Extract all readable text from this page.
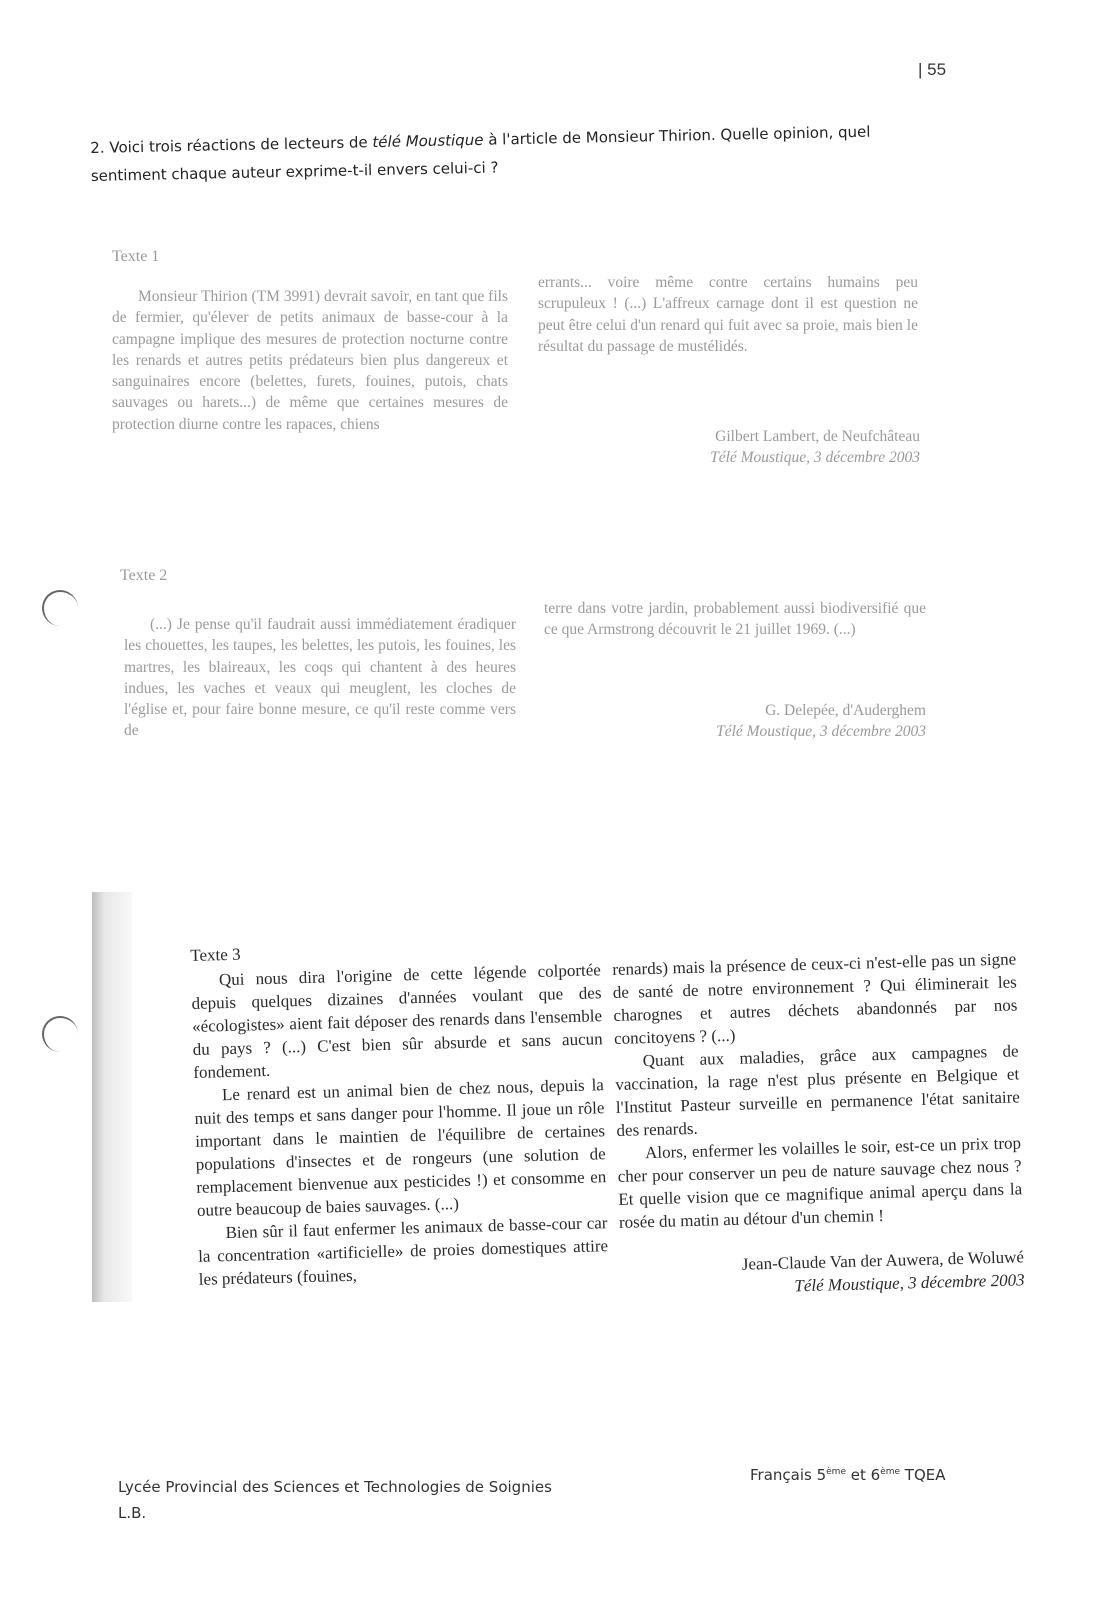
| 55
2. Voici trois réactions de lecteurs de télé Moustique à l'article de Monsieur Thirion. Quelle opinion, quel sentiment chaque auteur exprime-t-il envers celui-ci ?
Texte 1

Monsieur Thirion (TM 3991) devrait savoir, en tant que fils de fermier, qu'élever de petits animaux de basse-cour à la campagne implique des mesures de protection nocturne contre les renards et autres petits prédateurs bien plus dangereux et sanguinaires encore (belettes, furets, fouines, putois, chats sauvages ou harets...) de même que certaines mesures de protection diurne contre les rapaces, chiens

errants... voire même contre certains humains peu scrupuleux ! (...) L'affreux carnage dont il est question ne peut être celui d'un renard qui fuit avec sa proie, mais bien le résultat du passage de mustélidés.

Gilbert Lambert, de Neufchâteau
Télé Moustique, 3 décembre 2003
Texte 2

(...) Je pense qu'il faudrait aussi immédiatement éradiquer les chouettes, les taupes, les belettes, les putois, les fouines, les martres, les blaireaux, les coqs qui chantent à des heures indues, les vaches et veaux qui meuglent, les cloches de l'église et, pour faire bonne mesure, ce qu'il reste comme vers de

terre dans votre jardin, probablement aussi biodiversifié que ce que Armstrong découvrit le 21 juillet 1969. (...)

G. Delepée, d'Auderghem
Télé Moustique, 3 décembre 2003
Texte 3

Qui nous dira l'origine de cette légende colportée depuis quelques dizaines d'années voulant que des «écologistes» aient fait déposer des renards dans l'ensemble du pays ? (...) C'est bien sûr absurde et sans aucun fondement.

Le renard est un animal bien de chez nous, depuis la nuit des temps et sans danger pour l'homme. Il joue un rôle important dans le maintien de l'équilibre de certaines populations d'insectes et de rongeurs (une solution de remplacement bienvenue aux pesticides !) et consomme en outre beaucoup de baies sauvages. (...)

Bien sûr il faut enfermer les animaux de basse-cour car la concentration «artificielle» de proies domestiques attire les prédateurs (fouines,

renards) mais la présence de ceux-ci n'est-elle pas un signe de santé de notre environnement ? Qui éliminerait les charognes et autres déchets abandonnés par nos concitoyens ? (...)

Quant aux maladies, grâce aux campagnes de vaccination, la rage n'est plus présente en Belgique et l'Institut Pasteur surveille en permanence l'état sanitaire des renards.

Alors, enfermer les volailles le soir, est-ce un prix trop cher pour conserver un peu de nature sauvage chez nous ? Et quelle vision que ce magnifique animal aperçu dans la rosée du matin au détour d'un chemin !

Jean-Claude Van der Auwera, de Woluwé
Télé Moustique, 3 décembre 2003
Lycée Provincial des Sciences et Technologies de Soignies
L.B.
Français 5ème et 6ème TQEA
